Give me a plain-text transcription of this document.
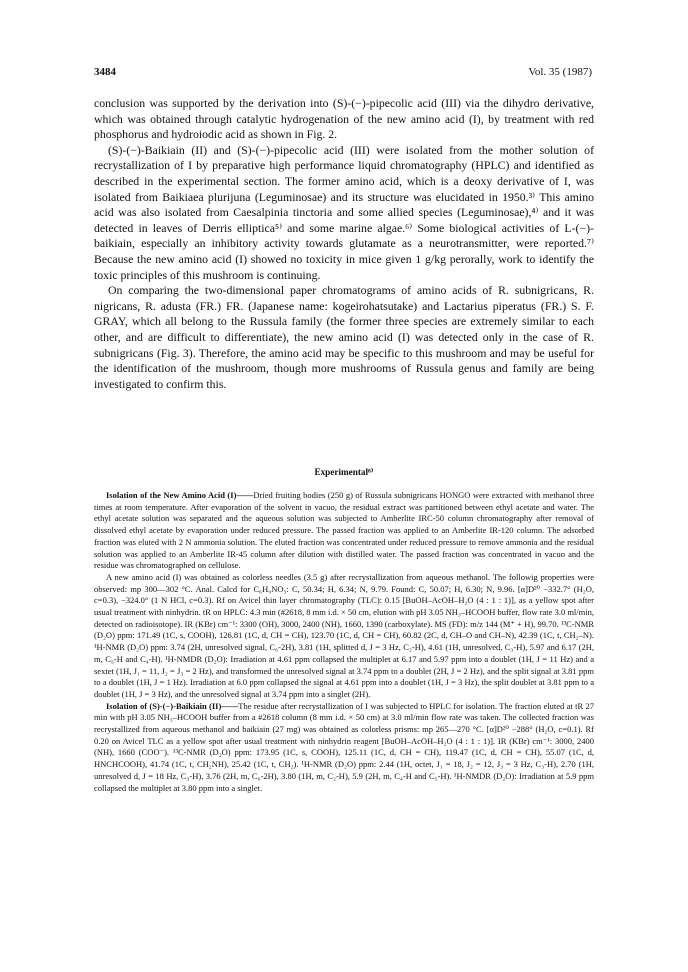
3484	Vol. 35 (1987)

conclusion was supported by the derivation into (S)-(−)-pipecolic acid (III) via the dihydro derivative, which was obtained through catalytic hydrogenation of the new amino acid (I), by treatment with red phosphorus and hydroiodic acid as shown in Fig. 2.

(S)-(−)-Baikiain (II) and (S)-(−)-pipecolic acid (III) were isolated from the mother solution of recrystallization of I by preparative high performance liquid chromatography (HPLC) and identified as described in the experimental section. The former amino acid, which is a deoxy derivative of I, was isolated from Baikiaea plurijuna (Leguminosae) and its structure was elucidated in 1950.³⁾ This amino acid was also isolated from Caesalpinia tinctoria and some allied species (Leguminosae),⁴⁾ and it was detected in leaves of Derris elliptica⁵⁾ and some marine algae.⁶⁾ Some biological activities of L-(−)-baikiain, especially an inhibitory activity towards glutamate as a neurotransmitter, were reported.⁷⁾ Because the new amino acid (I) showed no toxicity in mice given 1 g/kg perorally, work to identify the toxic principles of this mushroom is continuing.

On comparing the two-dimensional paper chromatograms of amino acids of R. subnigricans, R. nigricans, R. adusta (FR.) FR. (Japanese name: kogeirohatsutake) and Lactarius piperatus (FR.) S. F. GRAY, which all belong to the Russula family (the former three species are extremely similar to each other, and are difficult to differentiate), the new amino acid (I) was detected only in the case of R. subnigricans (Fig. 3). Therefore, the amino acid may be specific to this mushroom and may be useful for the identification of the mushroom, though more mushrooms of Russula genus and family are being investigated to confirm this.

Experimental⁸⁾

Isolation of the New Amino Acid (I)——Dried fruiting bodies (250 g) of Russula subnigricans HONGO were extracted with methanol three times at room temperature. After evaporation of the solvent in vacuo, the residual extract was partitioned between ethyl acetate and water. The ethyl acetate solution was separated and the aqueous solution was subjected to Amberlite IRC-50 column chromatography after removal of dissolved ethyl acetate by evaporation under reduced pressure. The passed fraction was applied to an Amberlite IR-120 column. The adsorbed fraction was eluted with 2 N ammonia solution. The eluted fraction was concentrated under reduced pressure to remove ammonia and the residual solution was applied to an Amberlite IR-45 column after dilution with distilled water. The passed fraction was concentrated in vacuo and the residue was chromatographed on cellulose.

A new amino acid (I) was obtained as colorless needles (3.5 g) after recrystallization from aqueous methanol. The followig properties were observed: mp 300—302 °C. Anal. Calcd for C₆H₉NO₃: C, 50.34; H, 6.34; N, 9.79. Found: C, 50.07; H, 6.30; N, 9.96. [α]D²⁰ −332.7° (H₂O, c=0.3), −324.0° (1 N HCl, c=0.3). Rf on Avicel thin layer chromatography (TLC): 0.15 [BuOH–AcOH–H₂O (4 : 1 : 1)], as a yellow spot after usual treatment with ninhydrin. tR on HPLC: 4.3 min (#2618, 8 mm i.d. × 50 cm, elution with pH 3.05 NH₃–HCOOH buffer, flow rate 3.0 ml/min, detected on radioisotope). IR (KBr) cm⁻¹: 3300 (OH), 3000, 2400 (NH), 1660, 1390 (carboxylate). MS (FD): m/z 144 (M⁺ + H), 99.70. ¹³C-NMR (D₂O) ppm: 171.49 (1C, s, COOH), 126.81 (1C, d, CH = CH), 123.70 (1C, d, CH = CH), 60.82 (2C, d, CH–O and CH–N), 42.39 (1C, t, CH₂–N). ¹H-NMR (D₂O) ppm: 3.74 (2H, unresolved signal, C₆-2H), 3.81 (1H, splitted d, J = 3 Hz, C₂-H), 4.61 (1H, unresolved, C₃-H), 5.97 and 6.17 (2H, m, C₅-H and C₄-H). ¹H-NMDR (D₂O): Irradiation at 4.61 ppm collapsed the multiplet at 6.17 and 5.97 ppm into a doublet (1H, J = 11 Hz) and a sextet (1H, J₁ = 11, J₂ = J₃ = 2 Hz), and transformed the unresolved signal at 3.74 ppm to a doublet (2H, J = 2 Hz), and the split signal at 3.81 ppm to a doublet (1H, J = 1 Hz). Irradiation at 6.0 ppm collapsed the signal at 4.61 ppm into a doublet (1H, J = 3 Hz), the split doublet at 3.81 ppm to a doublet (1H, J = 3 Hz), and the unresolved signal at 3.74 ppm into a singlet (2H).

Isolation of (S)-(−)-Baikiain (II)——The residue after recrystallization of I was subjected to HPLC for isolation. The fraction eluted at tR 27 min with pH 3.05 NH₃–HCOOH buffer from a #2618 column (8 mm i.d. × 50 cm) at 3.0 ml/min flow rate was taken. The collected fraction was recrystallized from aqueous methanol and baikiain (27 mg) was obtained as colorless prisms: mp 265—270 °C. [α]D²⁰ −288° (H₂O, c=0.1). Rf 0.20 on Avicel TLC as a yellow spot after usual treatment with ninhydrin reagent [BuOH–AcOH–H₂O (4 : 1 : 1)]. IR (KBr) cm⁻¹: 3000, 2400 (NH), 1660 (COO⁻). ¹³C-NMR (D₂O) ppm: 173.95 (1C, s, COOH), 125.11 (1C, d, CH = CH), 119.47 (1C, d, CH = CH), 55.07 (1C, d, HNCHCOOH), 41.74 (1C, t, CH₂NH), 25.42 (1C, t, CH₂). ¹H-NMR (D₂O) ppm: 2.44 (1H, octet, J₁ = 18, J₂ = 12, J₃ = 3 Hz, C₃-H), 2.70 (1H, unresolved d, J = 18 Hz, C₃-H), 3.76 (2H, m, C₆-2H), 3.80 (1H, m, C₂-H), 5.9 (2H, m, C₄-H and C₅-H). ¹H-NMDR (D₂O): Irradiation at 5.9 ppm collapsed the multiplet at 3.80 ppm into a singlet.
